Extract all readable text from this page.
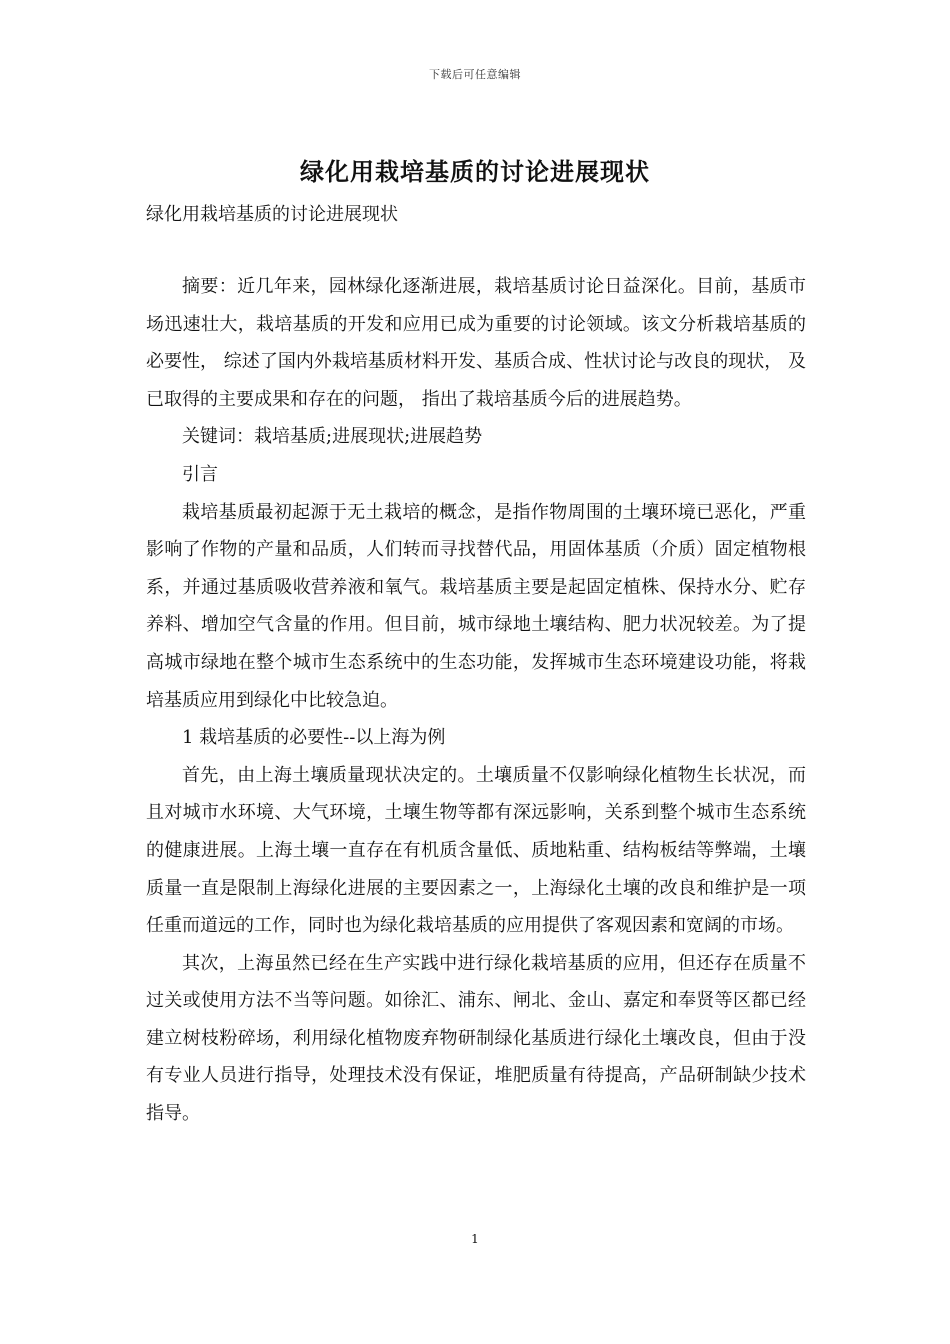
下载后可任意编辑
绿化用栽培基质的讨论进展现状
绿化用栽培基质的讨论进展现状

摘要：近几年来，园林绿化逐渐进展，栽培基质讨论日益深化。目前，基质市场迅速壮大，栽培基质的开发和应用已成为重要的讨论领域。该文分析栽培基质的必要性， 综述了国内外栽培基质材料开发、基质合成、性状讨论与改良的现状， 及已取得的主要成果和存在的问题， 指出了栽培基质今后的进展趋势。

关键词：栽培基质;进展现状;进展趋势

引言

栽培基质最初起源于无土栽培的概念，是指作物周围的土壤环境已恶化，严重影响了作物的产量和品质，人们转而寻找替代品，用固体基质（介质）固定植物根系，并通过基质吸收营养液和氧气。栽培基质主要是起固定植株、保持水分、贮存养料、增加空气含量的作用。但目前，城市绿地土壤结构、肥力状况较差。为了提高城市绿地在整个城市生态系统中的生态功能，发挥城市生态环境建设功能，将栽培基质应用到绿化中比较急迫。

1 栽培基质的必要性--以上海为例

首先，由上海土壤质量现状决定的。土壤质量不仅影响绿化植物生长状况，而且对城市水环境、大气环境，土壤生物等都有深远影响，关系到整个城市生态系统的健康进展。上海土壤一直存在有机质含量低、质地粘重、结构板结等弊端，土壤质量一直是限制上海绿化进展的主要因素之一，上海绿化土壤的改良和维护是一项任重而道远的工作，同时也为绿化栽培基质的应用提供了客观因素和宽阔的市场。

其次，上海虽然已经在生产实践中进行绿化栽培基质的应用，但还存在质量不过关或使用方法不当等问题。如徐汇、浦东、闸北、金山、嘉定和奉贤等区都已经建立树枝粉碎场，利用绿化植物废弃物研制绿化基质进行绿化土壤改良，但由于没有专业人员进行指导，处理技术没有保证，堆肥质量有待提高，产品研制缺少技术指导。

1
